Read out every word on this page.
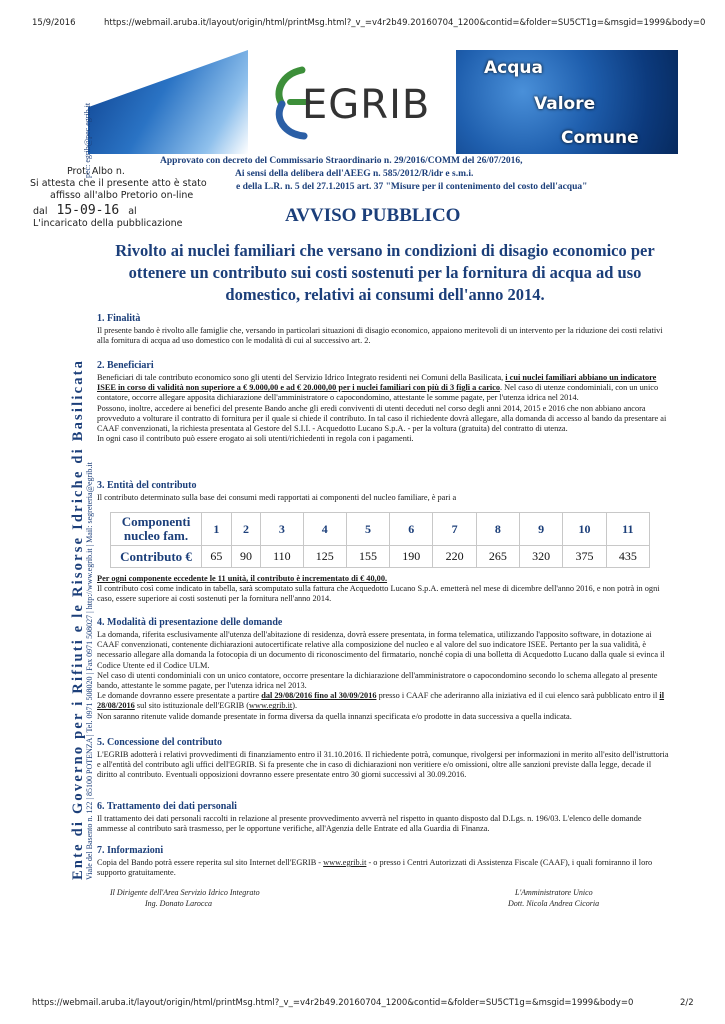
15/9/2016	https://webmail.aruba.it/layout/origin/html/printMsg.html?_v_=v4r2b49.20160704_1200&contid=&folder=SU5CT1g=&msgid=1999&body=0
EGRIB
Acqua
Valore
Comune
pec: egrib@pec.egrib.it
Ente di Governo per i Rifiuti e le Risorse Idriche di Basilicata Viale del Basento n. 122 | 85100 POTENZA | Tel. 0971 508020 | Fax 0971 508027 | http://www.egrib.it | Mail: segreteria@egrib.it
Approvato con decreto del Commissario Straordinario n. 29/2016/COMM del 26/07/2016,
Ai sensi della delibera dell'AEEG n. 585/2012/R/idr e s.m.i.
e della L.R. n. 5 del 27.1.2015 art. 37 "Misure per il contenimento del costo dell'acqua"
Prot. Albo n.
Si attesta che il presente atto è stato
affisso all'albo Pretorio on-line
dal 15-09-16 al
L'incaricato della pubblicazione	AVVISO PUBBLICO
Rivolto ai nuclei familiari che versano in condizioni di disagio economico per ottenere un contributo sui costi sostenuti per la fornitura di acqua ad uso domestico, relativi ai consumi dell'anno 2014.
1. Finalità
Il presente bando è rivolto alle famiglie che, versando in particolari situazioni di disagio economico, appaiono meritevoli di un intervento per la riduzione dei costi relativi alla fornitura di acqua ad uso domestico con le modalità di cui al successivo art. 2.
2. Beneficiari
Beneficiari di tale contributo economico sono gli utenti del Servizio Idrico Integrato residenti nei Comuni della Basilicata, i cui nuclei familiari abbiano un indicatore ISEE in corso di validità non superiore a € 9.000,00 e ad € 20.000,00 per i nuclei familiari con più di 3 figli a carico. Nel caso di utenze condominiali, con un unico contatore, occorre allegare apposita dichiarazione dell'amministratore o capocondomino, attestante le somme pagate, per l'utenza idrica nel 2014.
Possono, inoltre, accedere ai benefici del presente Bando anche gli eredi conviventi di utenti deceduti nel corso degli anni 2014, 2015 e 2016 che non abbiano ancora provveduto a volturare il contratto di fornitura per il quale si chiede il contributo. In tal caso il richiedente dovrà allegare, alla domanda di accesso al bando da presentare ai CAAF convenzionati, la richiesta presentata al Gestore del S.I.I. - Acquedotto Lucano S.p.A. - per la voltura (gratuita) del contratto di utenza.
In ogni caso il contributo può essere erogato ai soli utenti/richiedenti in regola con i pagamenti.
3. Entità del contributo
Il contributo determinato sulla base dei consumi medi rapportati ai componenti del nucleo familiare, è pari a
Componenti nucleo fam.	1	2	3	4	5	6	7	8	9	10	11
Contributo €	65	90	110	125	155	190	220	265	320	375	435
Per ogni componente eccedente le 11 unità, il contributo è incrementato di € 40,00.
Il contributo così come indicato in tabella, sarà scomputato sulla fattura che Acquedotto Lucano S.p.A. emetterà nel mese di dicembre dell'anno 2016, e non potrà in ogni caso, essere superiore ai costi sostenuti per la fornitura nell'anno 2014.
4. Modalità di presentazione delle domande
La domanda, riferita esclusivamente all'utenza dell'abitazione di residenza, dovrà essere presentata, in forma telematica, utilizzando l'apposito software, in dotazione ai CAAF convenzionati, contenente dichiarazioni autocertificate relative alla composizione del nucleo e al valore del suo indicatore ISEE. Pertanto per la sua validità, è necessario allegare alla domanda la fotocopia di un documento di riconoscimento del firmatario, nonché copia di una bolletta di Acquedotto Lucano dalla quale si evinca il Codice Utente ed il Codice ULM.
Nel caso di utenti condominiali con un unico contatore, occorre presentare la dichiarazione dell'amministratore o capocondomino secondo lo schema allegato al presente bando, attestante le somme pagate, per l'utenza idrica nel 2013.
Le domande dovranno essere presentate a partire dal 29/08/2016 fino al 30/09/2016 presso i CAAF che aderiranno alla iniziativa ed il cui elenco sarà pubblicato entro il il 28/08/2016 sul sito istituzionale dell'EGRIB (www.egrib.it).
Non saranno ritenute valide domande presentate in forma diversa da quella innanzi specificata e/o prodotte in data successiva a quella indicata.
5. Concessione del contributo
L'EGRIB adotterà i relativi provvedimenti di finanziamento entro il 31.10.2016. Il richiedente potrà, comunque, rivolgersi per informazioni in merito all'esito dell'istruttoria e all'entità del contributo agli uffici dell'EGRIB. Si fa presente che in caso di dichiarazioni non veritiere e/o omissioni, oltre alle sanzioni previste dalla legge, decade il diritto al contributo. Eventuali opposizioni dovranno essere presentate entro 30 giorni successivi al 30.09.2016.
6. Trattamento dei dati personali
Il trattamento dei dati personali raccolti in relazione al presente provvedimento avverrà nel rispetto in quanto disposto dal D.Lgs. n. 196/03. L'elenco delle domande ammesse al contributo sarà trasmesso, per le opportune verifiche, all'Agenzia delle Entrate ed alla Guardia di Finanza.
7. Informazioni
Copia del Bando potrà essere reperita sul sito Internet dell'EGRIB - www.egrib.it - o presso i Centri Autorizzati di Assistenza Fiscale (CAAF), i quali forniranno il loro supporto gratuitamente.
Il Dirigente dell'Area Servizio Idrico Integrato
Ing. Donato Larocca
L'Amministratore Unico
Dott. Nicola Andrea Cicoria
https://webmail.aruba.it/layout/origin/html/printMsg.html?_v_=v4r2b49.20160704_1200&contid=&folder=SU5CT1g=&msgid=1999&body=0	2/2
